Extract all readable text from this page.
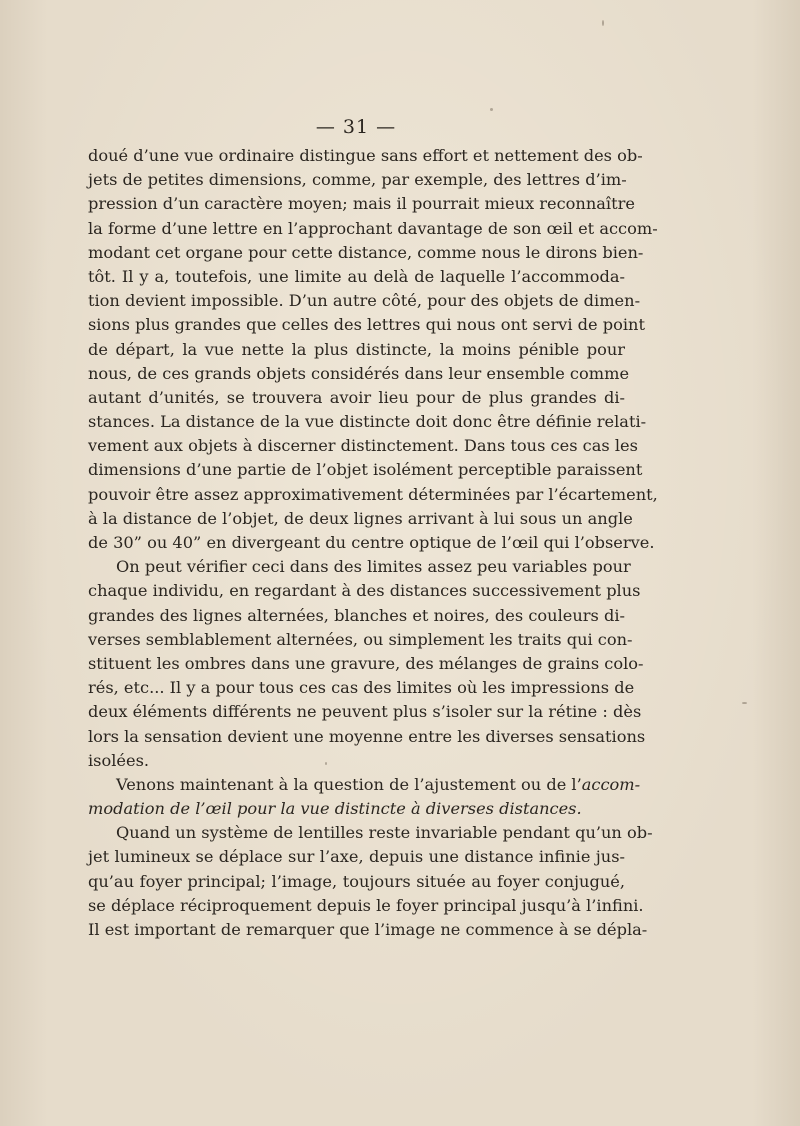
— 31 —
doué d’une vue ordinaire distingue sans effort et nettement des ob-
jets de petites dimensions, comme, par exemple, des lettres d’im-
pression d’un caractère moyen; mais il pourrait mieux reconnaître
la forme d’une lettre en l’approchant davantage de son œil et accom-
modant cet organe pour cette distance, comme nous le dirons bien-
tôt. Il y a, toutefois, une limite au delà de laquelle l’accommoda-
tion devient impossible. D’un autre côté, pour des objets de dimen-
sions plus grandes que celles des lettres qui nous ont servi de point
de départ, la vue nette la plus distincte, la moins pénible pour
nous, de ces grands objets considérés dans leur ensemble comme
autant d’unités, se trouvera avoir lieu pour de plus grandes di-
stances. La distance de la vue distincte doit donc être définie relati-
vement aux objets à discerner distinctement. Dans tous ces cas les
dimensions d’une partie de l’objet isolément perceptible paraissent
pouvoir être assez approximativement déterminées par l’écartement,
à la distance de l’objet, de deux lignes arrivant à lui sous un angle
de 30” ou 40” en divergeant du centre optique de l’œil qui l’observe.
On peut vérifier ceci dans des limites assez peu variables pour
chaque individu, en regardant à des distances successivement plus
grandes des lignes alternées, blanches et noires, des couleurs di-
verses semblablement alternées, ou simplement les traits qui con-
stituent les ombres dans une gravure, des mélanges de grains colo-
rés, etc... Il y a pour tous ces cas des limites où les impressions de
deux éléments différents ne peuvent plus s’isoler sur la rétine : dès
lors la sensation devient une moyenne entre les diverses sensations
isolées.
Venons maintenant à la question de l’ajustement ou de l’accom-
modation de l’œil pour la vue distincte à diverses distances.
Quand un système de lentilles reste invariable pendant qu’un ob-
jet lumineux se déplace sur l’axe, depuis une distance infinie jus-
qu’au foyer principal; l’image, toujours située au foyer conjugué,
se déplace réciproquement depuis le foyer principal jusqu’à l’infini.
Il est important de remarquer que l’image ne commence à se dépla-
